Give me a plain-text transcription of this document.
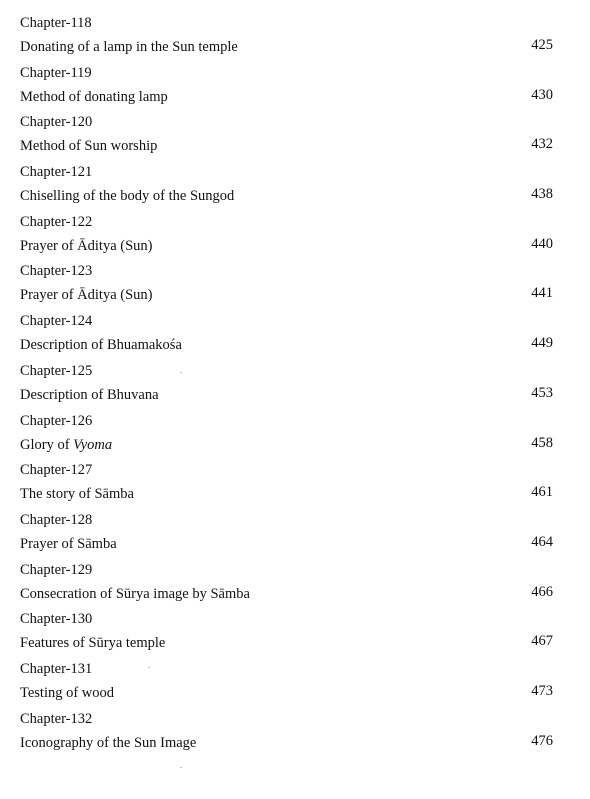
Chapter-118
Donating of a lamp in the Sun temple	425
Chapter-119
Method of donating lamp	430
Chapter-120
Method of Sun worship	432
Chapter-121
Chiselling of the body of the Sungod	438
Chapter-122
Prayer of Āditya (Sun)	440
Chapter-123
Prayer of Āditya (Sun)	441
Chapter-124
Description of Bhuamakośa	449
Chapter-125
Description of Bhuvana	453
Chapter-126
Glory of Vyoma	458
Chapter-127
The story of Sāmba	461
Chapter-128
Prayer of Sāmba	464
Chapter-129
Consecration of Sūrya image by Sāmba	466
Chapter-130
Features of Sūrya temple	467
Chapter-131
Testing of wood	473
Chapter-132
Iconography of the Sun Image	476
